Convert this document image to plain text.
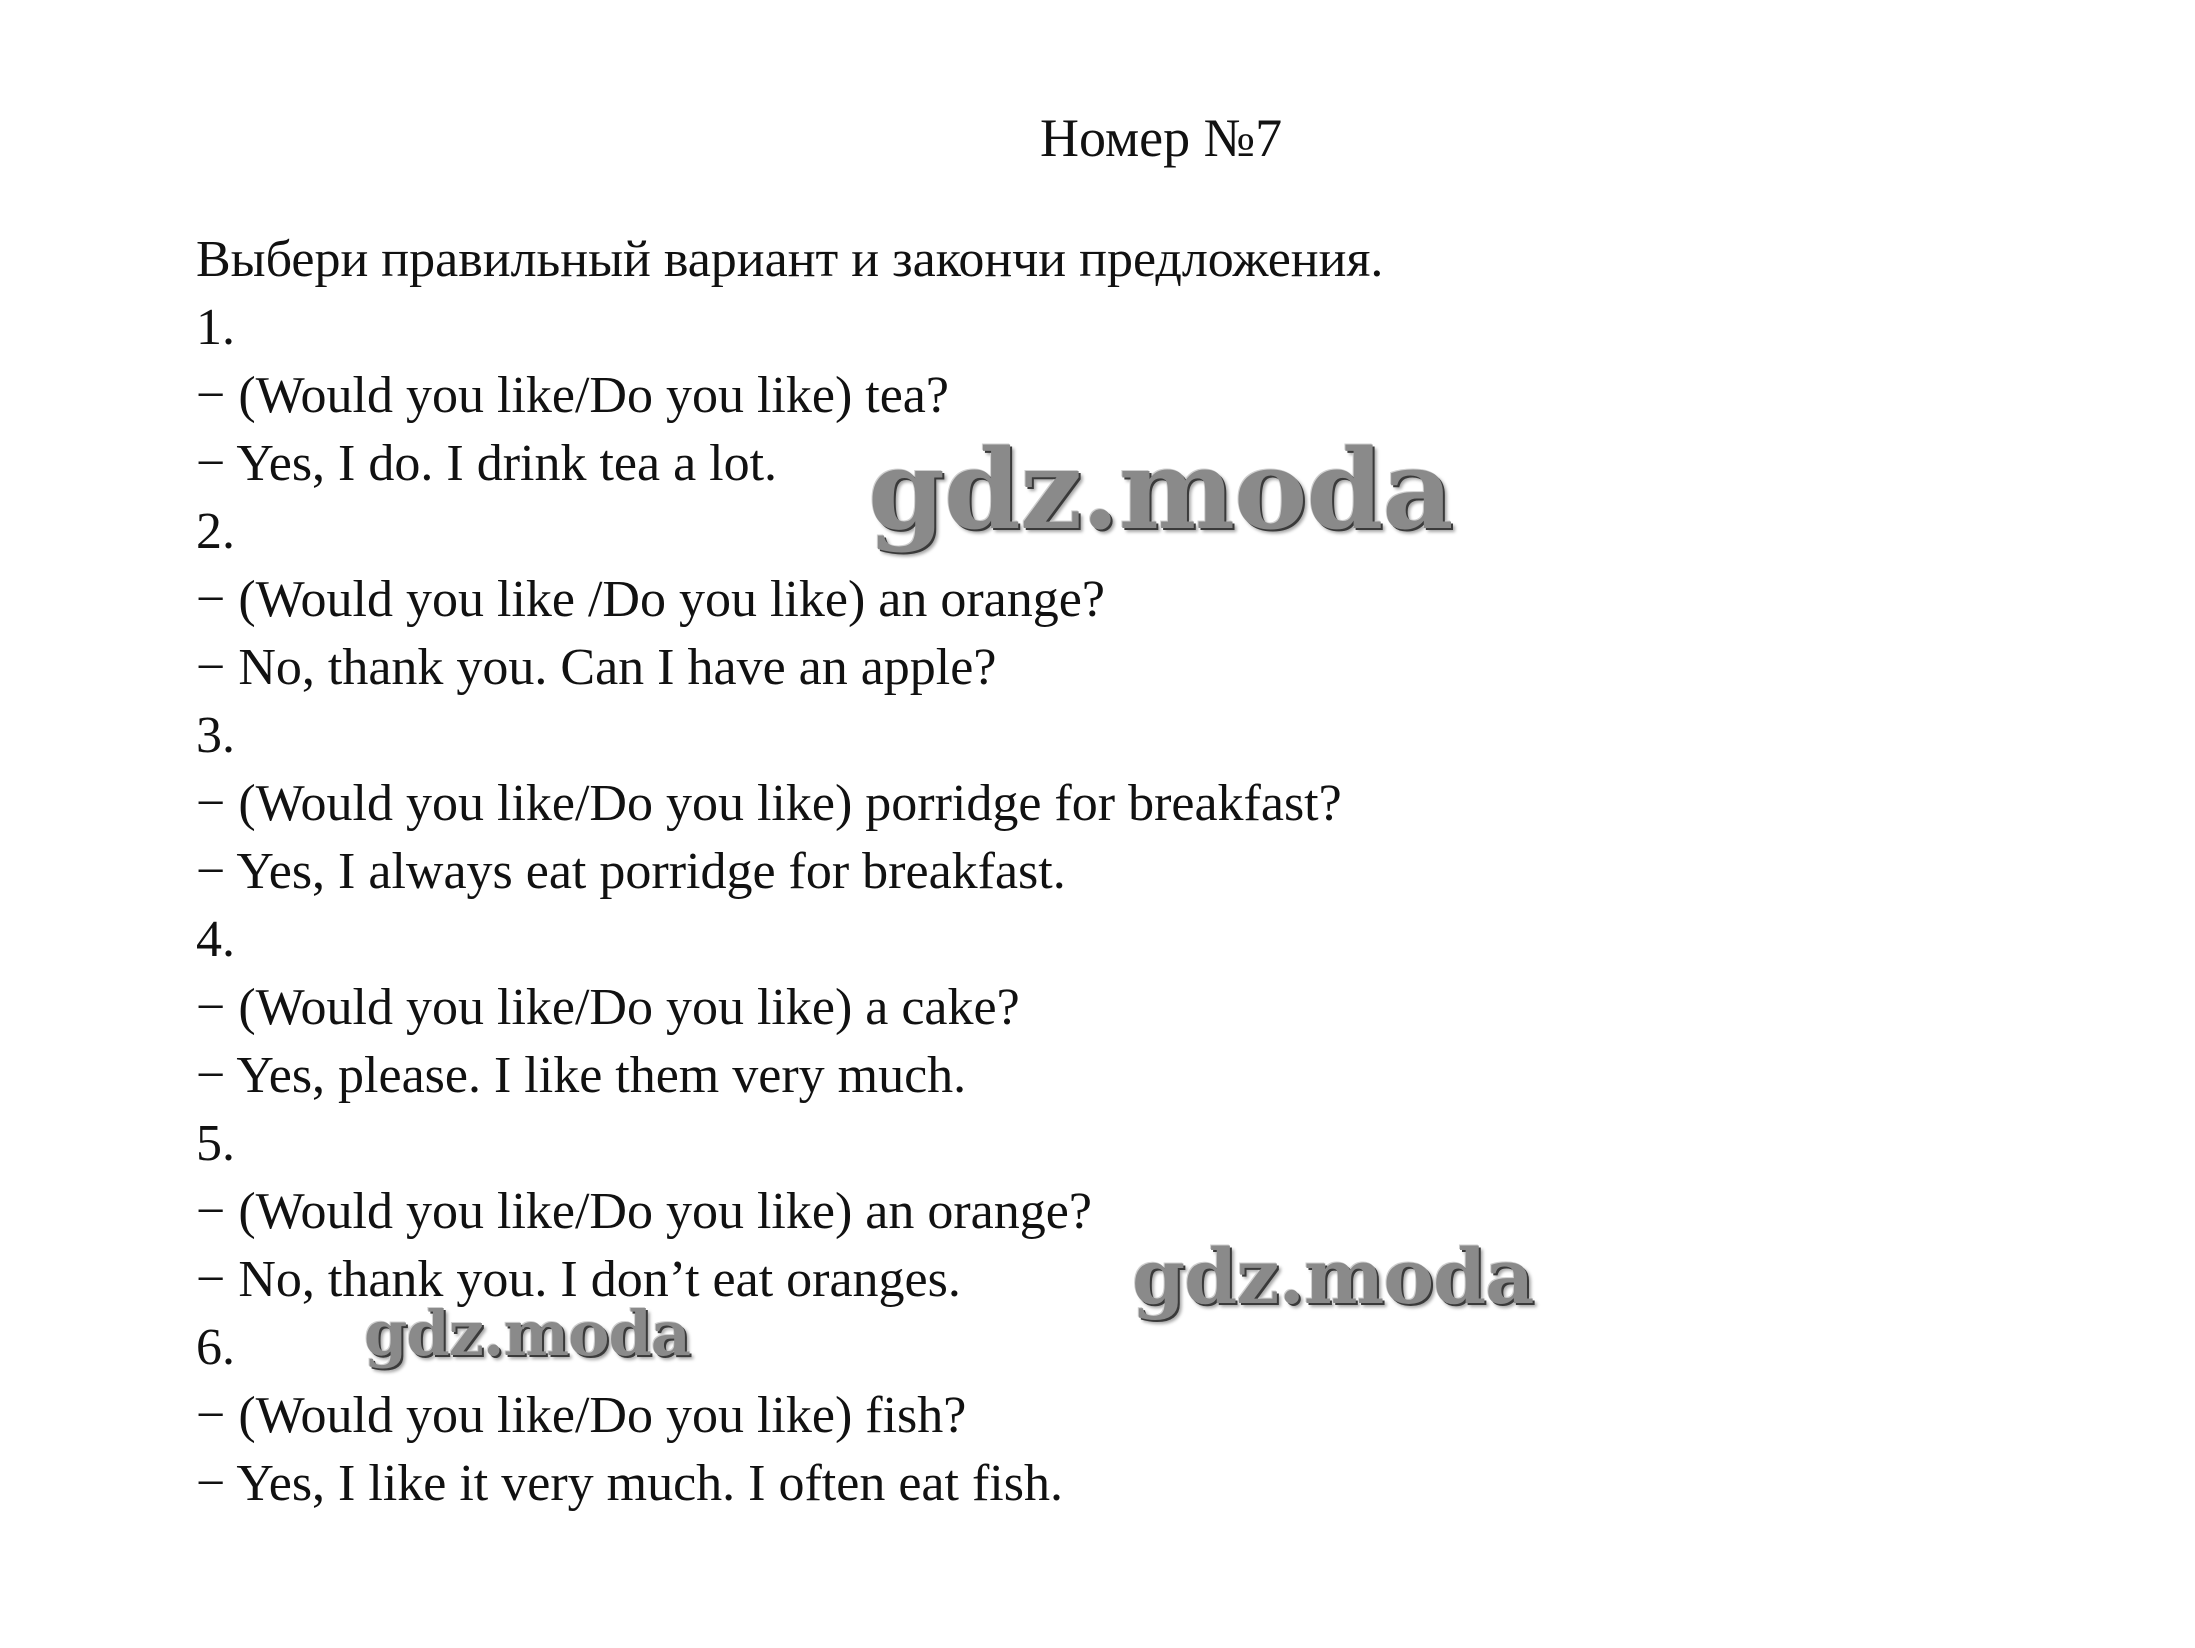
Номер №7
Выбери правильный вариант и закончи предложения.
1.
− (Would you like/Do you like) tea?
− Yes, I do. I drink tea a lot.
2.
− (Would you like /Do you like) an orange?
− No, thank you. Can I have an apple?
3.
− (Would you like/Do you like) porridge for breakfast?
− Yes, I always eat porridge for breakfast.
4.
− (Would you like/Do you like) a cake?
− Yes, please. I like them very much.
5.
− (Would you like/Do you like) an orange?
− No, thank you. I don’t eat oranges.
6.
− (Would you like/Do you like) fish?
− Yes, I like it very much. I often eat fish.
gdz.moda
gdz.moda
gdz.moda
